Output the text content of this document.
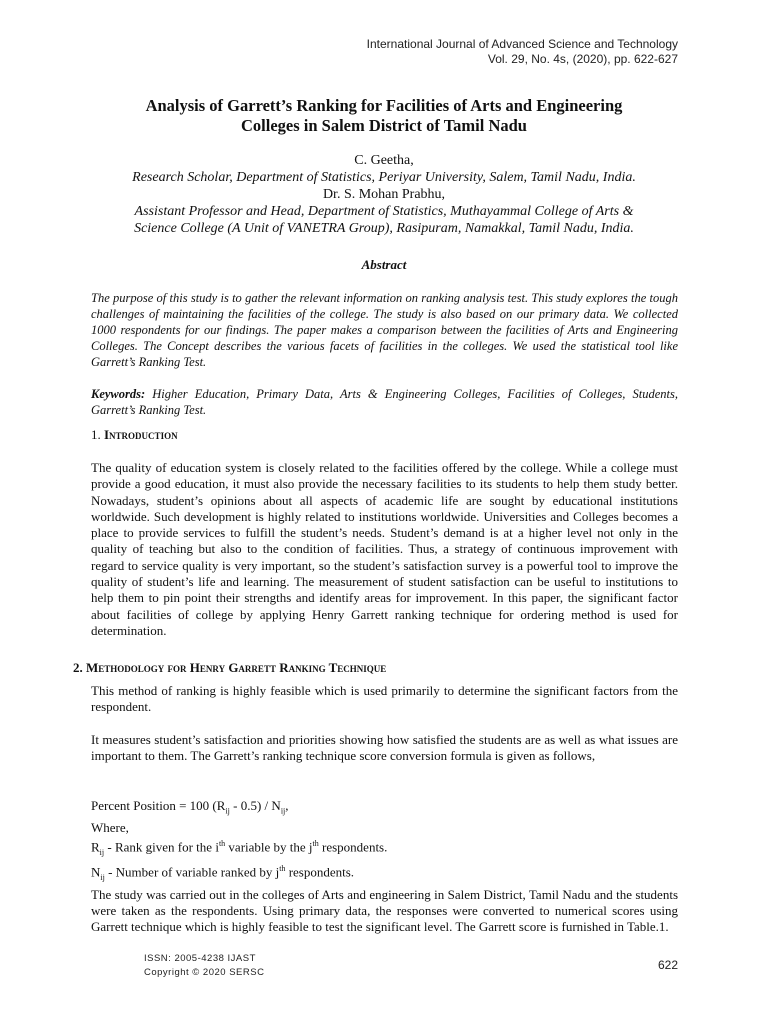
International Journal of Advanced Science and Technology
Vol. 29, No. 4s, (2020), pp. 622-627
Analysis of Garrett’s Ranking for Facilities of Arts and Engineering
Colleges in Salem District of Tamil Nadu
C. Geetha,
Research Scholar, Department of Statistics, Periyar University, Salem, Tamil Nadu, India.
Dr. S. Mohan Prabhu,
Assistant Professor and Head, Department of Statistics, Muthayammal College of Arts &
Science College (A Unit of VANETRA Group), Rasipuram, Namakkal, Tamil Nadu, India.
Abstract
The purpose of this study is to gather the relevant information on ranking analysis test. This study explores the tough challenges of maintaining the facilities of the college. The study is also based on our primary data. We collected 1000 respondents for our findings. The paper makes a comparison between the facilities of Arts and Engineering Colleges. The Concept describes the various facets of facilities in the colleges. We used the statistical tool like Garrett’s Ranking Test.
Keywords: Higher Education, Primary Data, Arts & Engineering Colleges, Facilities of Colleges, Students, Garrett’s Ranking Test.
1. Introduction
The quality of education system is closely related to the facilities offered by the college. While a college must provide a good education, it must also provide the necessary facilities to its students to help them study better. Nowadays, student’s opinions about all aspects of academic life are sought by educational institutions worldwide. Such development is highly related to institutions worldwide. Universities and Colleges becomes a place to provide services to fulfill the student’s needs. Student’s demand is at a higher level not only in the quality of teaching but also to the condition of facilities. Thus, a strategy of continuous improvement with regard to service quality is very important, so the student’s satisfaction survey is a powerful tool to improve the quality of student’s life and learning. The measurement of student satisfaction can be useful to institutions to help them to pin point their strengths and identify areas for improvement. In this paper, the significant factor about facilities of college by applying Henry Garrett ranking technique for ordering method is used for determination.
2. Methodology for Henry Garrett Ranking Technique
This method of ranking is highly feasible which is used primarily to determine the significant factors from the respondent.
It measures student’s satisfaction and priorities showing how satisfied the students are as well as what issues are important to them. The Garrett’s ranking technique score conversion formula is given as follows,
Percent Position = 100 $(R_{ij} - 0.5) / N_{ij}$,
Where,
$R_{ij}$ - Rank given for the $i^{th}$ variable by the $j^{th}$ respondents.
$N_{ij}$ - Number of variable ranked by $j^{th}$ respondents.
The study was carried out in the colleges of Arts and engineering in Salem District, Tamil Nadu and the students were taken as the respondents. Using primary data, the responses were converted to numerical scores using Garrett technique which is highly feasible to test the significant level. The Garrett score is furnished in Table.1.
ISSN: 2005-4238 IJAST
Copyright © 2020 SERSC
622
